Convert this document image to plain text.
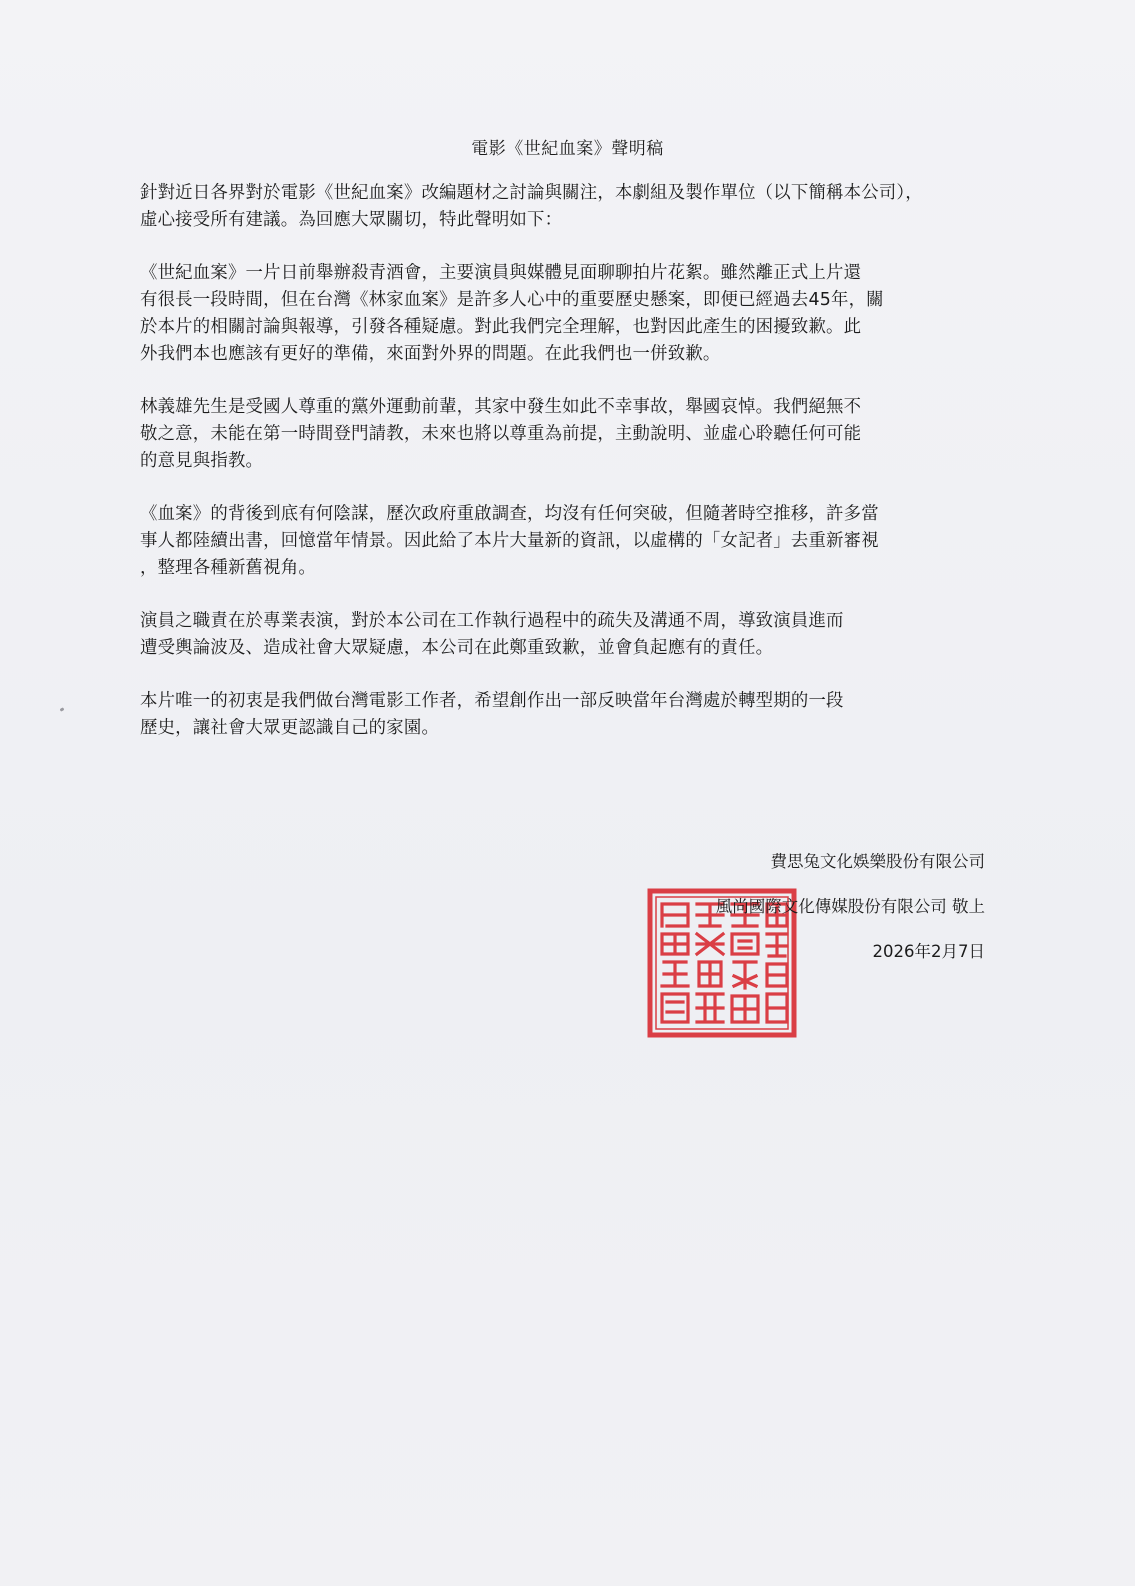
電影《世紀血案》聲明稿

針對近日各界對於電影《世紀血案》改編題材之討論與關注，本劇組及製作單位（以下簡稱本公司），
虛心接受所有建議。為回應大眾關切，特此聲明如下：

《世紀血案》一片日前舉辦殺青酒會，主要演員與媒體見面聊聊拍片花絮。雖然離正式上片還
有很長一段時間，但在台灣《林家血案》是許多人心中的重要歷史懸案，即便已經過去45年，關
於本片的相關討論與報導，引發各種疑慮。對此我們完全理解，也對因此產生的困擾致歉。此
外我們本也應該有更好的準備，來面對外界的問題。在此我們也一併致歉。

林義雄先生是受國人尊重的黨外運動前輩，其家中發生如此不幸事故，舉國哀悼。我們絕無不
敬之意，未能在第一時間登門請教，未來也將以尊重為前提，主動說明、並虛心聆聽任何可能
的意見與指教。

《血案》的背後到底有何陰謀，歷次政府重啟調查，均沒有任何突破，但隨著時空推移，許多當
事人都陸續出書，回憶當年情景。因此給了本片大量新的資訊，以虛構的「女記者」去重新審視
，整理各種新舊視角。

演員之職責在於專業表演，對於本公司在工作執行過程中的疏失及溝通不周，導致演員進而
遭受輿論波及、造成社會大眾疑慮，本公司在此鄭重致歉，並會負起應有的責任。

本片唯一的初衷是我們做台灣電影工作者，希望創作出一部反映當年台灣處於轉型期的一段
歷史，讓社會大眾更認識自己的家園。

費思兔文化娛樂股份有限公司

風尚國際文化傳媒股份有限公司 敬上

2026年2月7日
